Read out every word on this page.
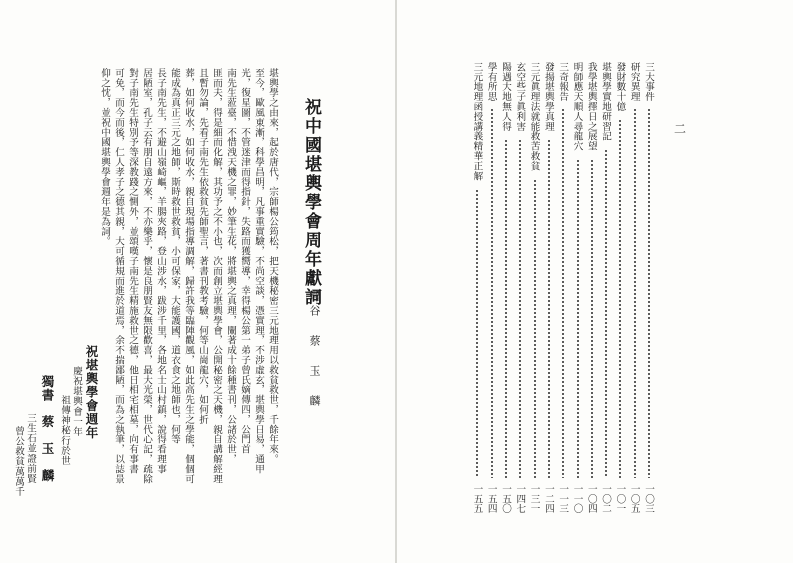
祝中國堪輿學會周年獻詞
農谷　蔡　玉　麟
堪輿學之由來，起於唐代，宗師楊公筠松，把天機秘密三元地理用以救貧救世，千餘年來。
至今，歐風東漸，科學昌明，凡事重實驗，不尚空談，憑實理，不涉虛玄，堪輿學日易，通甲
光，復星圖，不管迷津而得指針，失路而獲嚮導，幸得楊公第一弟子曾氏嫡傳四，公門首
南先生蒞臺，不惜洩天機之罪，妙筆生花，將堪輿之真理，闡著成十餘種書刊，公諸於世，
匪而夫，得是細而化解，其功予之不小也，次而創立堪輿學會，公開秘密之天機，親自講解經理
且暫勿論，先看子南先生依救貧先師聖言，著書刊教考驗，何等山崗龍穴，如何折
葬，如何收水，如何收水，親自現場指導調解，歸許我等臨陣觀風，如此高先生之學能，個個可
能成為真正三元之地師，斯時救世救貧，小可保家，大能護國，道衣食之地師也，何等
長子南先生，不避山嶺崎嶇，羊腸夾路，登山涉水，跋涉千里，各地名士山村鎮，說得看理事
居陋室，孔子云有朋自遠方來，不亦樂乎，懷是良朋賢友無限歡喜，最大光榮，世代心記，疏除
對子南先生特別予等深教踐之惻外，並頌嘆子南先生精施救世之德，他日相宅相墓，向有事書
可免，而今而後，仁人孝子之德其親，大可循規而進於道焉，余不揣鄙陋，而為之執筆，以誌景
仰之忱，並祝中國堪輿學會週年是為詞。
祝堪輿學會週年
慶祝堪輿會一年
祖傳神秘行於世
獨書
蔡　玉　麟
三生石並證前賢
曾公救貧萬萬千
二
三大事件
一〇三
研究異理
一〇五
發財數十億
一〇一
堪輿學實地研習記
一〇二
我學堪輿擇日之展望
一〇四
明師應天順人尋龍穴
一一〇
三奇報告
一一三
發揚堪輿學真理
一二四
三元眞理法就能救苦救貧
一三一
玄空些子眞利害
一四七
陽遇大地無人得
一五〇
學有所思
一五四
三元地理函授講義精華正解
一五五
